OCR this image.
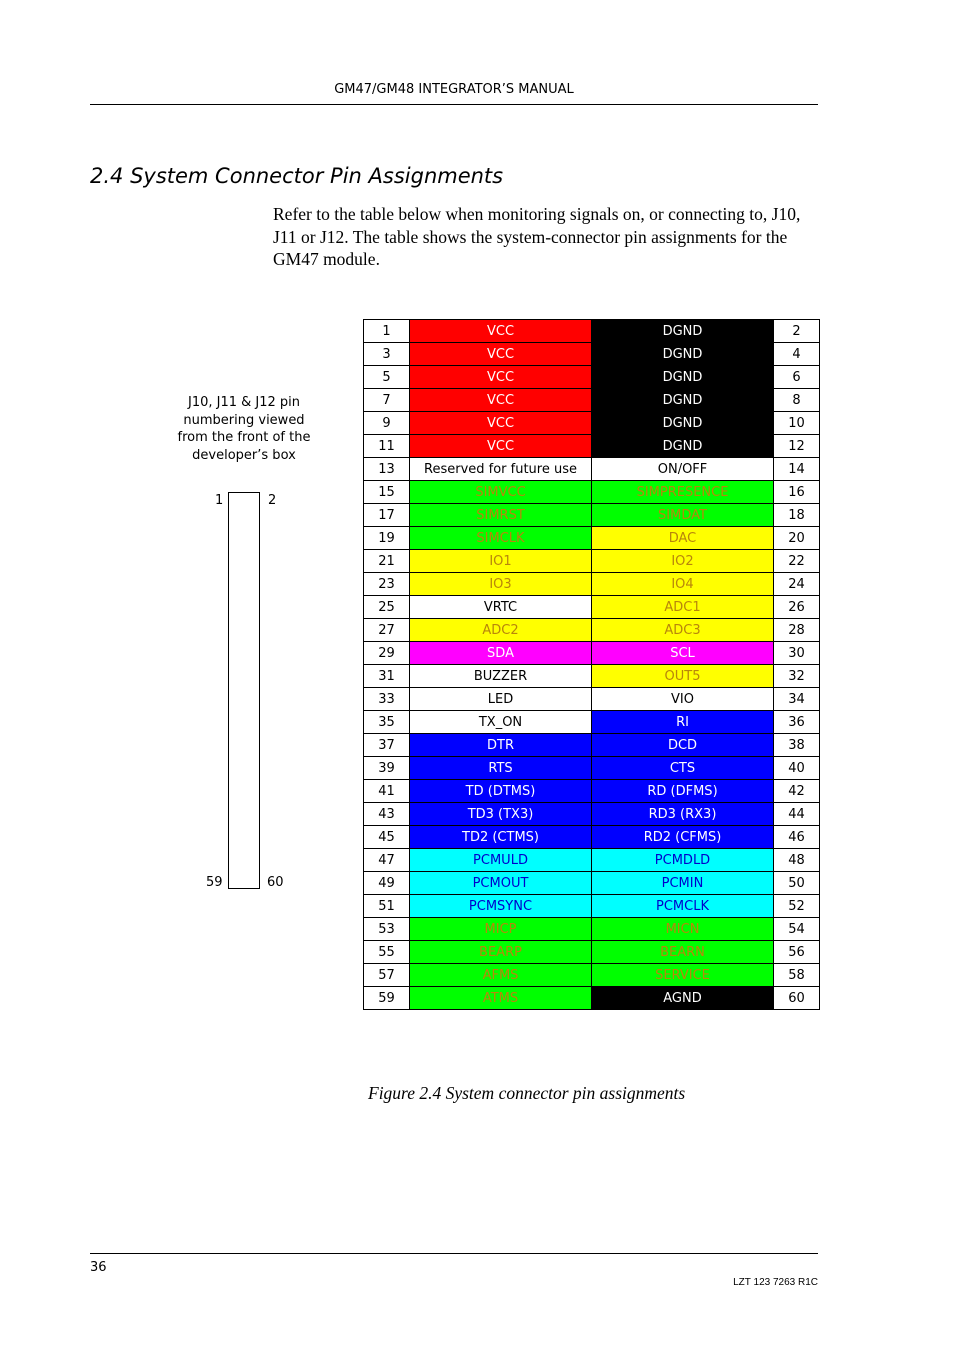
GM47/GM48 INTEGRATOR’S MANUAL
2.4 System Connector Pin Assignments
Refer to the table below when monitoring signals on, or connecting to, J10, J11 or J12. The table shows the system-connector pin assignments for the GM47 module.
J10, J11 & J12 pin numbering viewed from the front of the developer’s box
1	2
59	60
1	VCC	DGND	2
3	VCC	DGND	4
5	VCC	DGND	6
7	VCC	DGND	8
9	VCC	DGND	10
11	VCC	DGND	12
13	Reserved for future use	ON/OFF	14
15	SIMVCC	SIMPRESENCE	16
17	SIMRST	SIMDAT	18
19	SIMCLK	DAC	20
21	IO1	IO2	22
23	IO3	IO4	24
25	VRTC	ADC1	26
27	ADC2	ADC3	28
29	SDA	SCL	30
31	BUZZER	OUT5	32
33	LED	VIO	34
35	TX_ON	RI	36
37	DTR	DCD	38
39	RTS	CTS	40
41	TD (DTMS)	RD (DFMS)	42
43	TD3 (TX3)	RD3 (RX3)	44
45	TD2 (CTMS)	RD2 (CFMS)	46
47	PCMULD	PCMDLD	48
49	PCMOUT	PCMIN	50
51	PCMSYNC	PCMCLK	52
53	MICP	MICN	54
55	BEARP	BEARN	56
57	AFMS	SERVICE	58
59	ATMS	AGND	60
Figure 2.4 System connector pin assignments
36
LZT 123 7263 R1C
